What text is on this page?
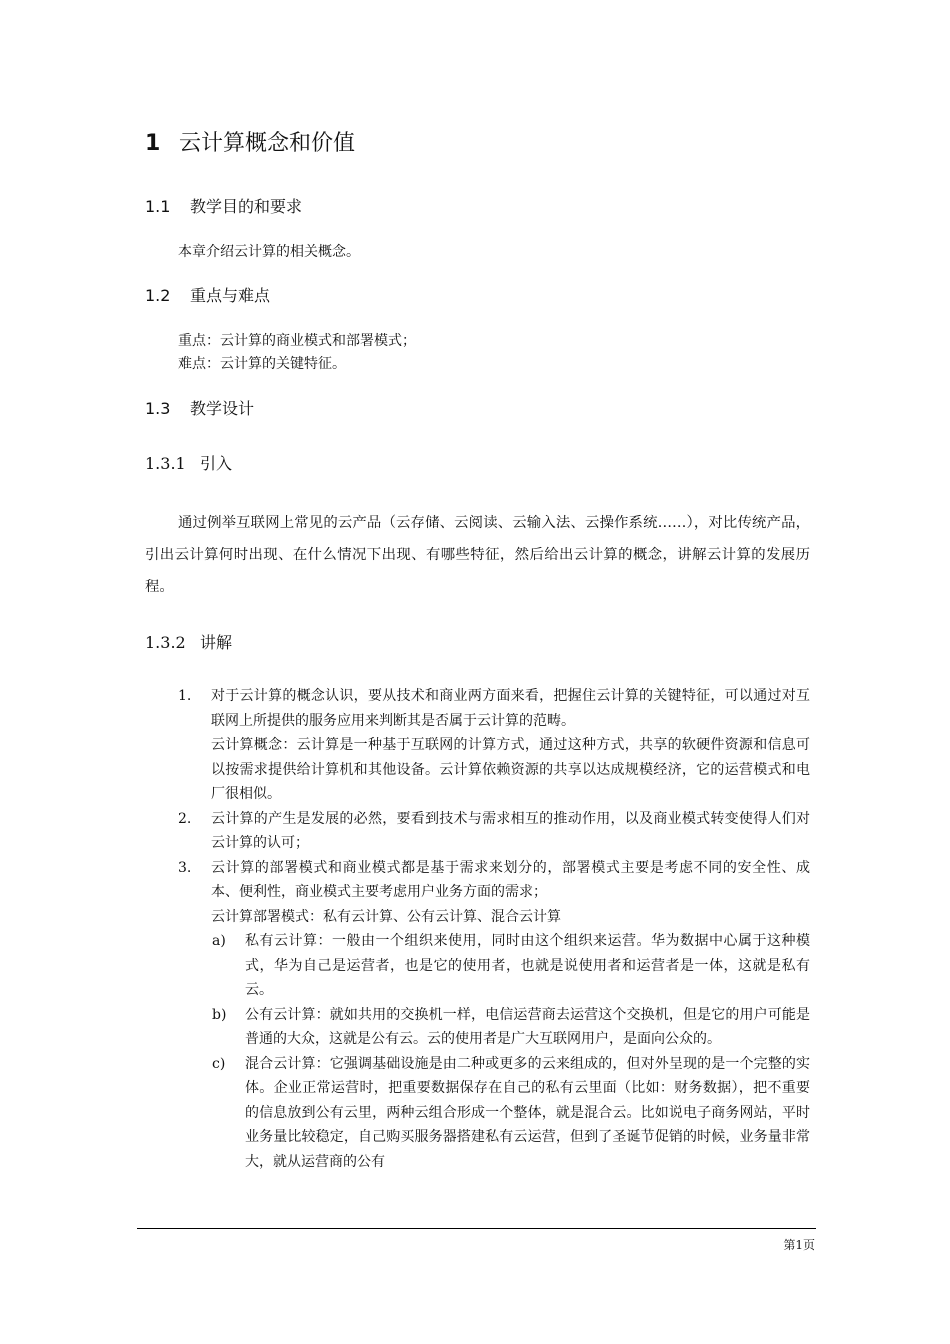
1 云计算概念和价值
1.1 教学目的和要求
本章介绍云计算的相关概念。
1.2 重点与难点
重点：云计算的商业模式和部署模式；
难点：云计算的关键特征。
1.3 教学设计
1.3.1 引入
通过例举互联网上常见的云产品（云存储、云阅读、云输入法、云操作系统……），对比传统产品，引出云计算何时出现、在什么情况下出现、有哪些特征，然后给出云计算的概念，讲解云计算的发展历程。
1.3.2 讲解
1. 对于云计算的概念认识，要从技术和商业两方面来看，把握住云计算的关键特征，可以通过对互联网上所提供的服务应用来判断其是否属于云计算的范畴。
云计算概念：云计算是一种基于互联网的计算方式，通过这种方式，共享的软硬件资源和信息可以按需求提供给计算机和其他设备。云计算依赖资源的共享以达成规模经济，它的运营模式和电厂很相似。
2. 云计算的产生是发展的必然，要看到技术与需求相互的推动作用，以及商业模式转变使得人们对云计算的认可；
3. 云计算的部署模式和商业模式都是基于需求来划分的，部署模式主要是考虑不同的安全性、成本、便利性，商业模式主要考虑用户业务方面的需求；
云计算部署模式：私有云计算、公有云计算、混合云计算
a) 私有云计算：一般由一个组织来使用，同时由这个组织来运营。华为数据中心属于这种模式，华为自己是运营者，也是它的使用者，也就是说使用者和运营者是一体，这就是私有云。
b) 公有云计算：就如共用的交换机一样，电信运营商去运营这个交换机，但是它的用户可能是普通的大众，这就是公有云。云的使用者是广大互联网用户，是面向公众的。
c) 混合云计算：它强调基础设施是由二种或更多的云来组成的，但对外呈现的是一个完整的实体。企业正常运营时，把重要数据保存在自己的私有云里面（比如：财务数据），把不重要的信息放到公有云里，两种云组合形成一个整体，就是混合云。比如说电子商务网站，平时业务量比较稳定，自己购买服务器搭建私有云运营，但到了圣诞节促销的时候，业务量非常大，就从运营商的公有
第1页
